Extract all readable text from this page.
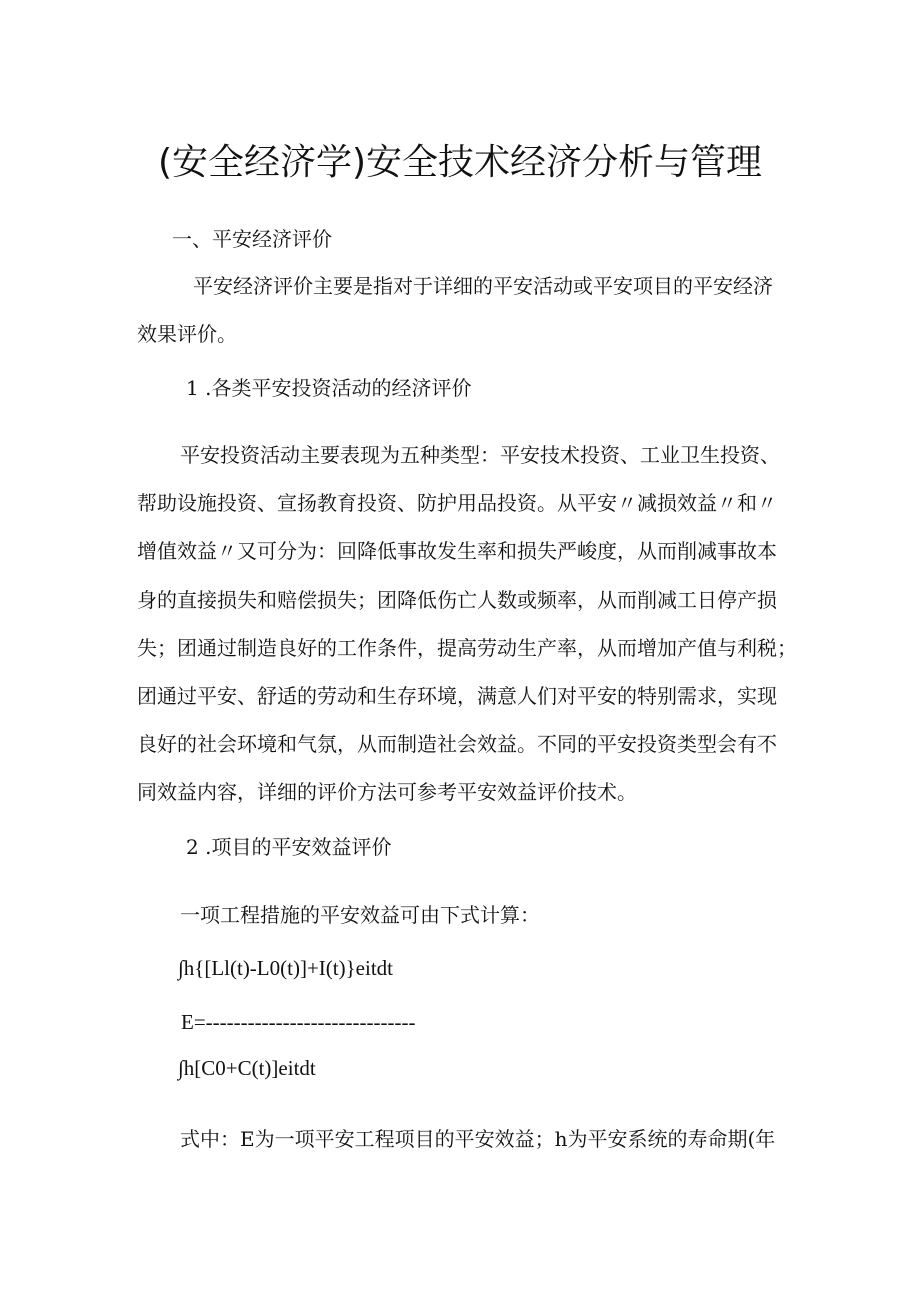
(安全经济学)安全技术经济分析与管理

一、平安经济评价

平安经济评价主要是指对于详细的平安活动或平安项目的平安经济

效果评价。

1 .各类平安投资活动的经济评价

平安投资活动主要表现为五种类型：平安技术投资、工业卫生投资、

帮助设施投资、宣扬教育投资、防护用品投资。从平安〃减损效益〃和〃

增值效益〃又可分为：回降低事故发生率和损失严峻度，从而削减事故本

身的直接损失和赔偿损失；团降低伤亡人数或频率，从而削减工日停产损

失；团通过制造良好的工作条件，提高劳动生产率，从而增加产值与利税；

团通过平安、舒适的劳动和生存环境，满意人们对平安的特别需求，实现

良好的社会环境和气氛，从而制造社会效益。不同的平安投资类型会有不

同效益内容，详细的评价方法可参考平安效益评价技术。

2 .项目的平安效益评价

一项工程措施的平安效益可由下式计算：

∫h{[Ll(t)-L0(t)]+I(t)}eitdt

E=------------------------------

∫h[C0+C(t)]eitdt

式中：E为一项平安工程项目的平安效益；h为平安系统的寿命期(年
